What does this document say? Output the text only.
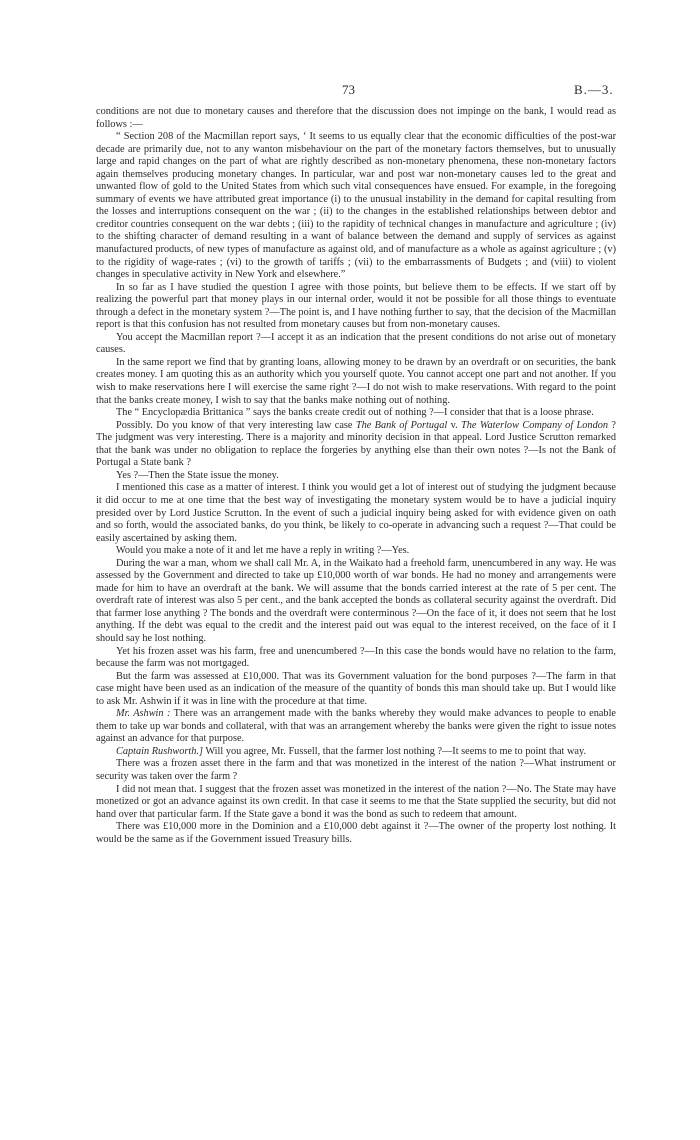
73	B.—3.

conditions are not due to monetary causes and therefore that the discussion does not impinge on the bank, I would read as follows :—

“ Section 208 of the Macmillan report says, ‘ It seems to us equally clear that the economic difficulties of the post-war decade are primarily due, not to any wanton misbehaviour on the part of the monetary factors themselves, but to unusually large and rapid changes on the part of what are rightly described as non-monetary phenomena, these non-monetary factors again themselves producing monetary changes. In particular, war and post war non-monetary causes led to the great and unwanted flow of gold to the United States from which such vital consequences have ensued. For example, in the foregoing summary of events we have attributed great importance (i) to the unusual instability in the demand for capital resulting from the losses and interruptions consequent on the war ; (ii) to the changes in the established relationships between debtor and creditor countries consequent on the war debts ; (iii) to the rapidity of technical changes in manufacture and agriculture ; (iv) to the shifting character of demand resulting in a want of balance between the demand and supply of services as against manufactured products, of new types of manufacture as against old, and of manufacture as a whole as against agriculture ; (v) to the rigidity of wage-rates ; (vi) to the growth of tariffs ; (vii) to the embarrassments of Budgets ; and (viii) to violent changes in speculative activity in New York and elsewhere.”

In so far as I have studied the question I agree with those points, but believe them to be effects. If we start off by realizing the powerful part that money plays in our internal order, would it not be possible for all those things to eventuate through a defect in the monetary system ?—The point is, and I have nothing further to say, that the decision of the Macmillan report is that this confusion has not resulted from monetary causes but from non-monetary causes.

You accept the Macmillan report ?—I accept it as an indication that the present conditions do not arise out of monetary causes.

In the same report we find that by granting loans, allowing money to be drawn by an overdraft or on securities, the bank creates money. I am quoting this as an authority which you yourself quote. You cannot accept one part and not another. If you wish to make reservations here I will exercise the same right ?—I do not wish to make reservations. With regard to the point that the banks create money, I wish to say that the banks make nothing out of nothing.

The “ Encyclopædia Brittanica ” says the banks create credit out of nothing ?—I consider that that is a loose phrase.

Possibly. Do you know of that very interesting law case The Bank of Portugal v. The Waterlow Company of London ? The judgment was very interesting. There is a majority and minority decision in that appeal. Lord Justice Scrutton remarked that the bank was under no obligation to replace the forgeries by anything else than their own notes ?—Is not the Bank of Portugal a State bank ?

Yes ?—Then the State issue the money.

I mentioned this case as a matter of interest. I think you would get a lot of interest out of studying the judgment because it did occur to me at one time that the best way of investigating the monetary system would be to have a judicial inquiry presided over by Lord Justice Scrutton. In the event of such a judicial inquiry being asked for with evidence given on oath and so forth, would the associated banks, do you think, be likely to co-operate in advancing such a request ?—That could be easily ascertained by asking them.

Would you make a note of it and let me have a reply in writing ?—Yes.

During the war a man, whom we shall call Mr. A, in the Waikato had a freehold farm, unencumbered in any way. He was assessed by the Government and directed to take up £10,000 worth of war bonds. He had no money and arrangements were made for him to have an overdraft at the bank. We will assume that the bonds carried interest at the rate of 5 per cent. The overdraft rate of interest was also 5 per cent., and the bank accepted the bonds as collateral security against the overdraft. Did that farmer lose anything ? The bonds and the overdraft were conterminous ?—On the face of it, it does not seem that he lost anything. If the debt was equal to the credit and the interest paid out was equal to the interest received, on the face of it I should say he lost nothing.

Yet his frozen asset was his farm, free and unencumbered ?—In this case the bonds would have no relation to the farm, because the farm was not mortgaged.

But the farm was assessed at £10,000. That was its Government valuation for the bond purposes ?—The farm in that case might have been used as an indication of the measure of the quantity of bonds this man should take up. But I would like to ask Mr. Ashwin if it was in line with the procedure at that time.

Mr. Ashwin : There was an arrangement made with the banks whereby they would make advances to people to enable them to take up war bonds and collateral, with that was an arrangement whereby the banks were given the right to issue notes against an advance for that purpose.

Captain Rushworth.] Will you agree, Mr. Fussell, that the farmer lost nothing ?—It seems to me to point that way.

There was a frozen asset there in the farm and that was monetized in the interest of the nation ?—What instrument or security was taken over the farm ?

I did not mean that. I suggest that the frozen asset was monetized in the interest of the nation ?—No. The State may have monetized or got an advance against its own credit. In that case it seems to me that the State supplied the security, but did not hand over that particular farm. If the State gave a bond it was the bond as such to redeem that amount.

There was £10,000 more in the Dominion and a £10,000 debt against it ?—The owner of the property lost nothing. It would be the same as if the Government issued Treasury bills.
